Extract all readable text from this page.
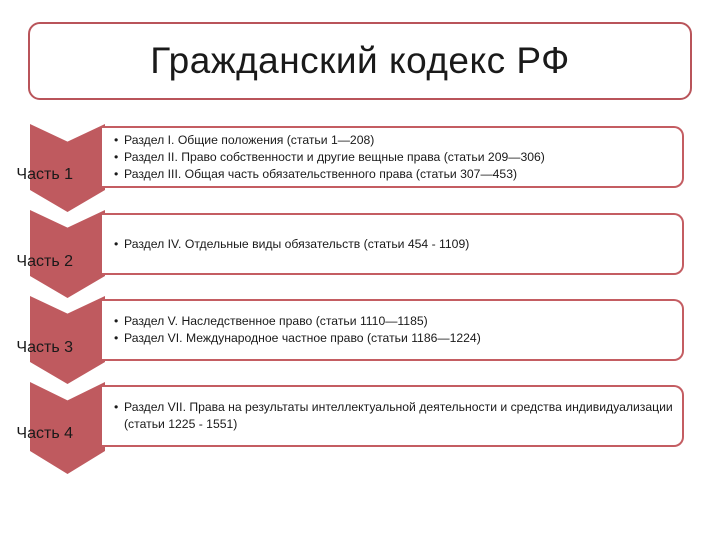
Гражданский кодекс РФ
Часть 1
• Раздел I. Общие положения (статьи 1—208)
• Раздел II. Право собственности и другие вещные права (статьи 209—306)
• Раздел III. Общая часть обязательственного права (статьи 307—453)
Часть 2
• Раздел IV. Отдельные виды обязательств (статьи 454 - 1109)
Часть 3
• Раздел V. Наследственное право (статьи 1110—1185)
• Раздел VI. Международное частное право (статьи 1186—1224)
Часть 4
• Раздел VII. Права на результаты интеллектуальной деятельности и средства индивидуализации (статьи 1225 - 1551)
